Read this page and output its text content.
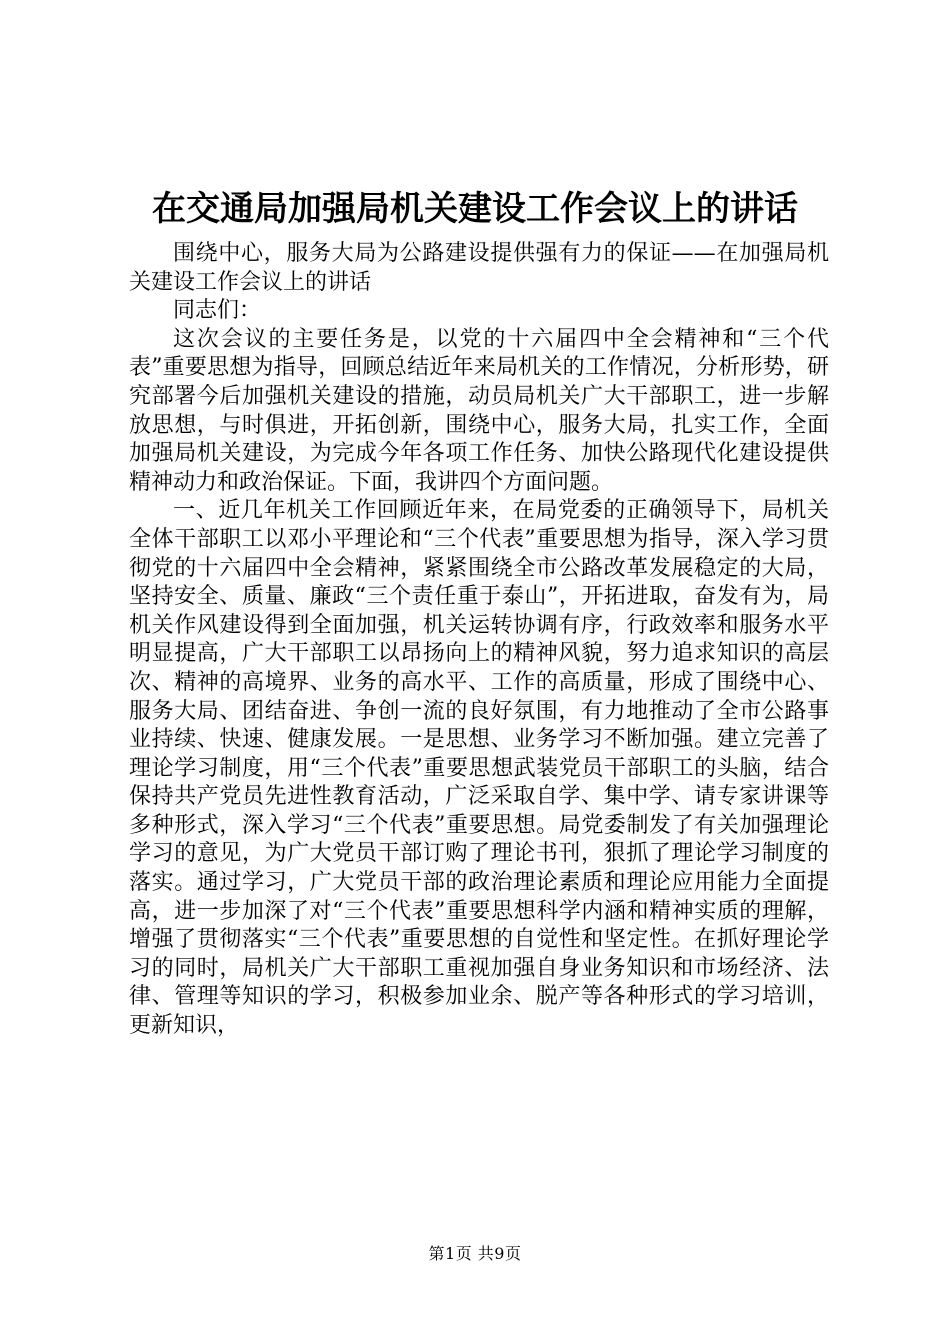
在交通局加强局机关建设工作会议上的讲话

围绕中心，服务大局为公路建设提供强有力的保证——在加强局机关建设工作会议上的讲话

同志们：

这次会议的主要任务是，以党的十六届四中全会精神和“三个代表”重要思想为指导，回顾总结近年来局机关的工作情况，分析形势，研究部署今后加强机关建设的措施，动员局机关广大干部职工，进一步解放思想，与时俱进，开拓创新，围绕中心，服务大局，扎实工作，全面加强局机关建设，为完成今年各项工作任务、加快公路现代化建设提供精神动力和政治保证。下面，我讲四个方面问题。

一、近几年机关工作回顾近年来，在局党委的正确领导下，局机关全体干部职工以邓小平理论和“三个代表”重要思想为指导，深入学习贯彻党的十六届四中全会精神，紧紧围绕全市公路改革发展稳定的大局，坚持安全、质量、廉政“三个责任重于泰山”，开拓进取，奋发有为，局机关作风建设得到全面加强，机关运转协调有序，行政效率和服务水平明显提高，广大干部职工以昂扬向上的精神风貌，努力追求知识的高层次、精神的高境界、业务的高水平、工作的高质量，形成了围绕中心、服务大局、团结奋进、争创一流的良好氛围，有力地推动了全市公路事业持续、快速、健康发展。一是思想、业务学习不断加强。建立完善了理论学习制度，用“三个代表”重要思想武装党员干部职工的头脑，结合保持共产党员先进性教育活动，广泛采取自学、集中学、请专家讲课等多种形式，深入学习“三个代表”重要思想。局党委制发了有关加强理论学习的意见，为广大党员干部订购了理论书刊，狠抓了理论学习制度的落实。通过学习，广大党员干部的政治理论素质和理论应用能力全面提高，进一步加深了对“三个代表”重要思想科学内涵和精神实质的理解，增强了贯彻落实“三个代表”重要思想的自觉性和坚定性。在抓好理论学习的同时，局机关广大干部职工重视加强自身业务知识和市场经济、法律、管理等知识的学习，积极参加业余、脱产等各种形式的学习培训，更新知识，

第1页 共9页
